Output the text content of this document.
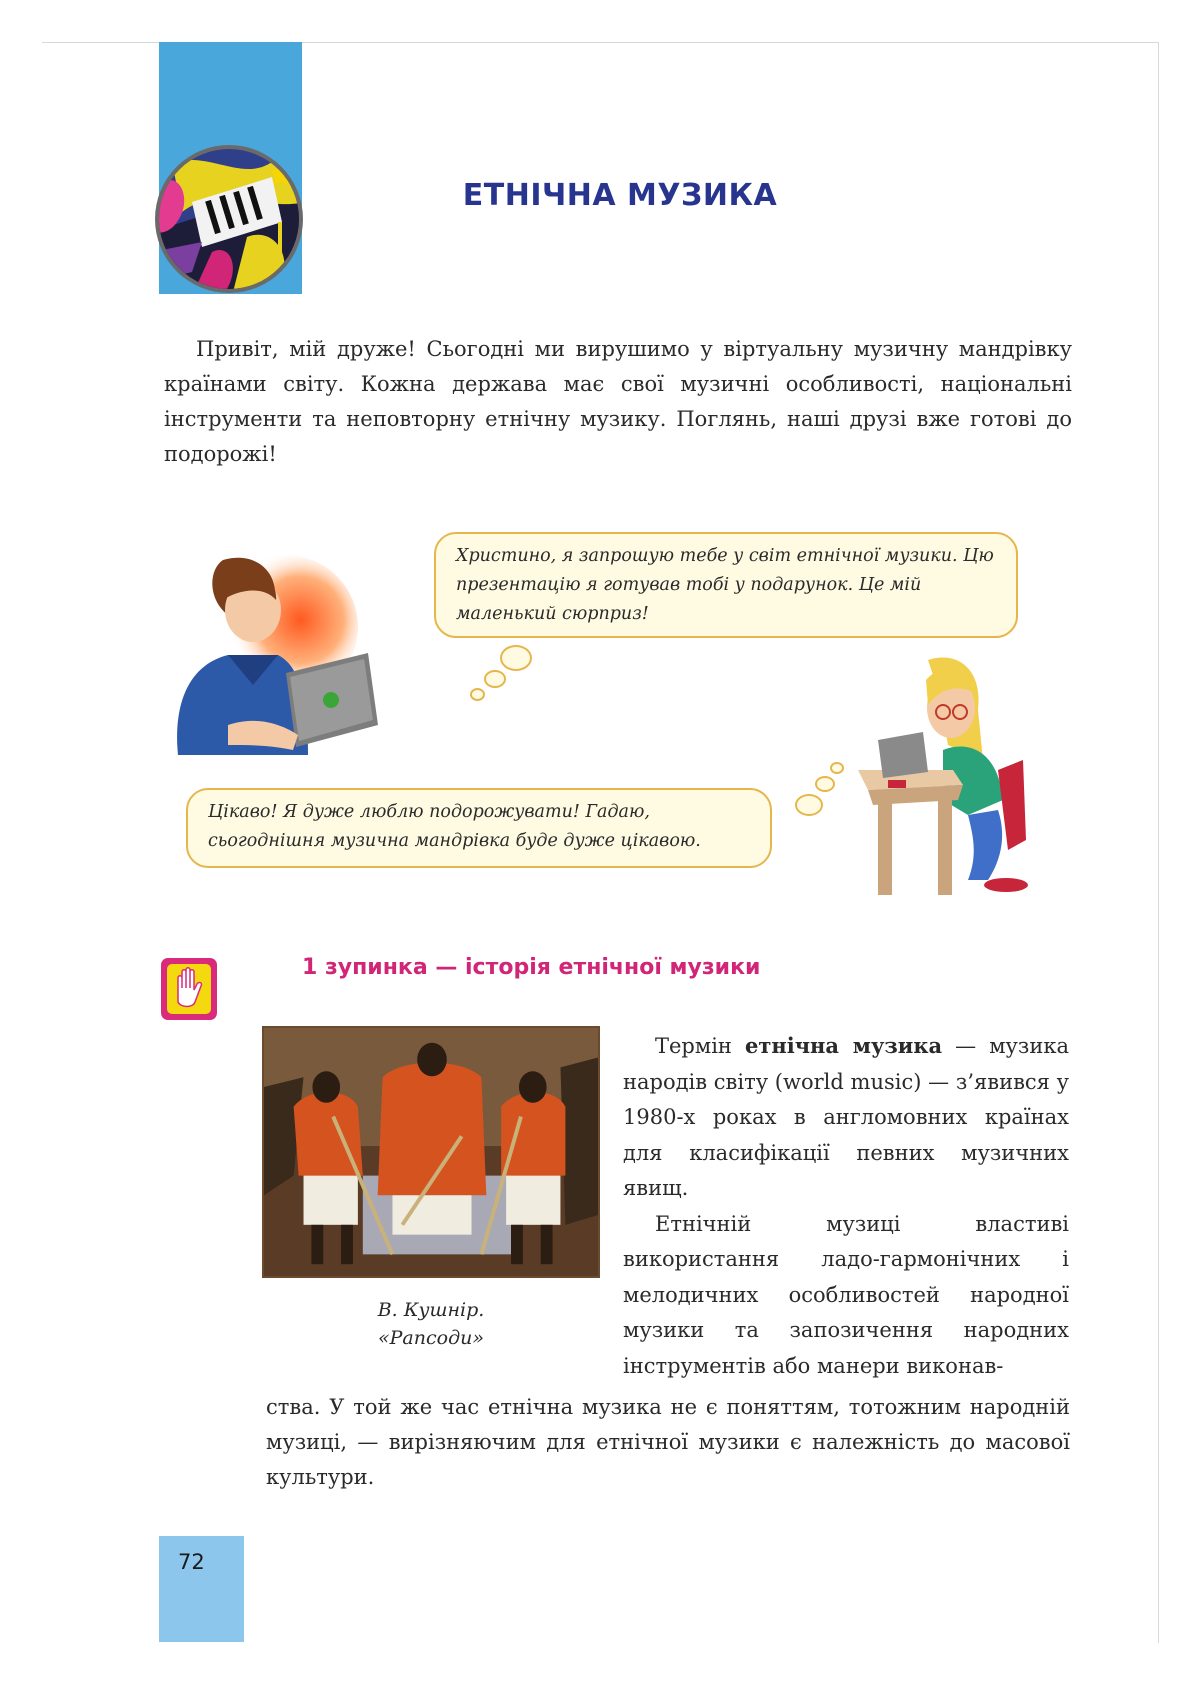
ЕТНІЧНА МУЗИКА

Привіт, мій друже! Сьогодні ми вирушимо у віртуальну музичну мандрівку країнами світу. Кожна держава має свої музичні особливості, національні інструменти та неповторну етнічну музику. Поглянь, наші друзі вже готові до подорожі!

Христино, я запрошую тебе у світ етнічної музики. Цю презентацію я готував тобі у подарунок. Це мій маленький сюрприз!

Цікаво! Я дуже люблю подорожувати! Гадаю, сьогоднішня музична мандрівка буде дуже цікавою.

1 зупинка — історія етнічної музики
В. Кушнір.
«Рапсоди»

Термін етнічна музика — музика народів світу (world music) — з’явився у 1980-х роках в англомовних країнах для класифікації певних музичних явищ.

Етнічній музиці властиві використання ладо-гармонічних і мелодичних особливостей народної музики та запозичення народних інструментів або манери виконав-

ства. У той же час етнічна музика не є поняттям, тотожним народній музиці, — вирізняючим для етнічної музики є належність до масової культури.

72
